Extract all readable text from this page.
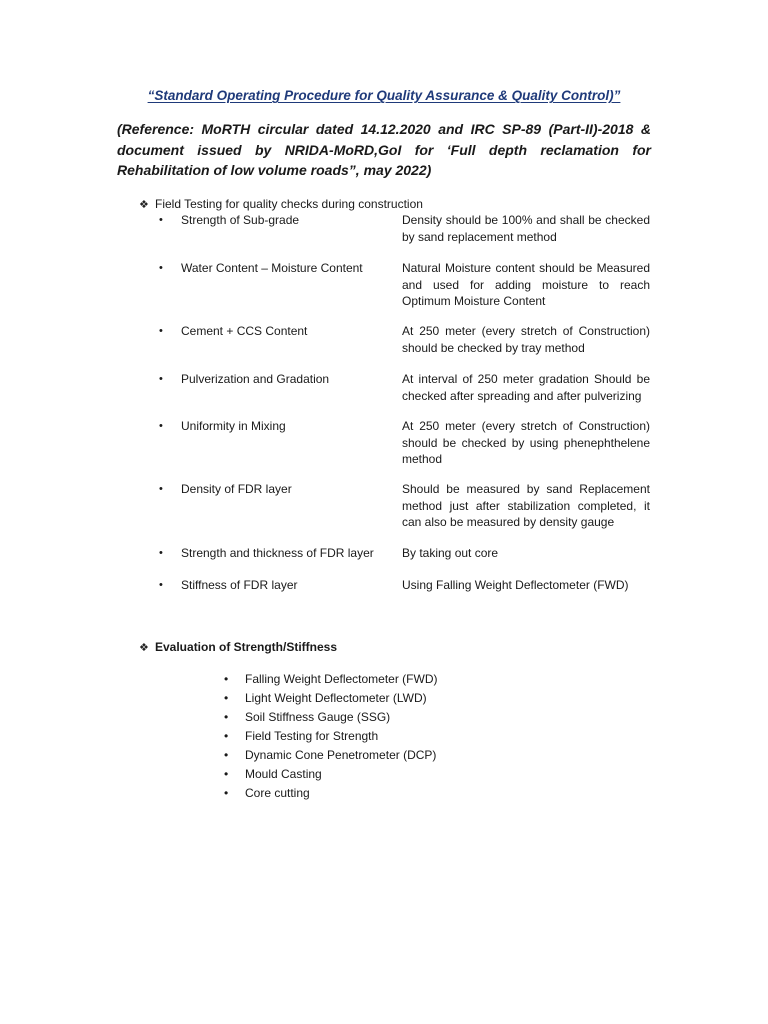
“Standard Operating Procedure for Quality Assurance & Quality Control)”
(Reference: MoRTH circular dated 14.12.2020 and IRC SP-89 (Part-II)-2018 & document issued by NRIDA-MoRD,GoI for ‘Full depth reclamation for Rehabilitation of low volume roads”, may 2022)
❖ Field Testing for quality checks during construction
• Strength of Sub-grade	Density should be 100% and shall be checked by sand replacement method
• Water Content – Moisture Content	Natural Moisture content should be Measured and used for adding moisture to reach Optimum Moisture Content
• Cement + CCS Content	At 250 meter (every stretch of Construction) should be checked by tray method
• Pulverization and Gradation	At interval of 250 meter gradation Should be checked after spreading and after pulverizing
• Uniformity in Mixing	At 250 meter (every stretch of Construction) should be checked by using phenephthelene method
• Density of FDR layer	Should be measured by sand Replacement method just after stabilization completed, it can also be measured by density gauge
• Strength and thickness of FDR layer	By taking out core
• Stiffness of FDR layer	Using Falling Weight Deflectometer (FWD)
❖ Evaluation of Strength/Stiffness
• Falling Weight Deflectometer (FWD)
• Light Weight Deflectometer (LWD)
• Soil Stiffness Gauge (SSG)
• Field Testing for Strength
• Dynamic Cone Penetrometer (DCP)
• Mould Casting
• Core cutting
